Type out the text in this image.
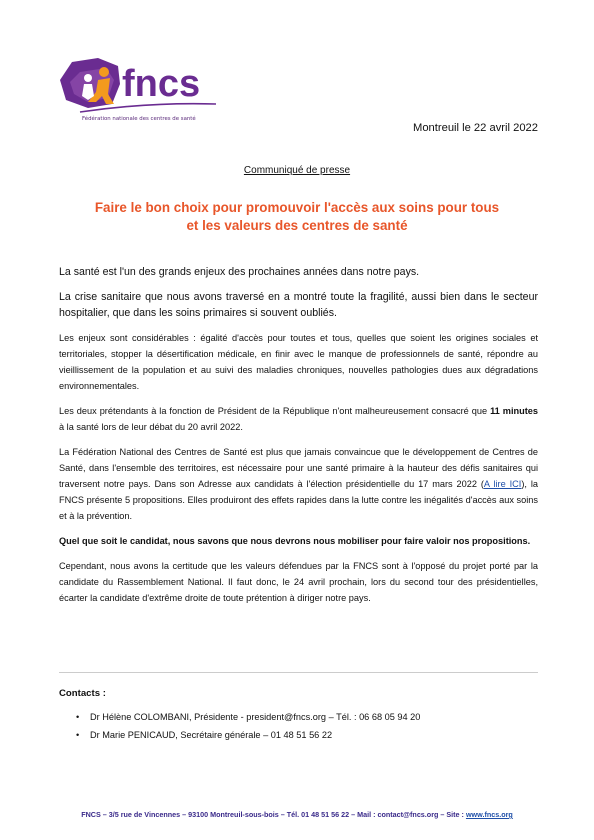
fncs
Fédération nationale des centres de santé
Montreuil le 22 avril 2022
Communiqué de presse
Faire le bon choix pour promouvoir l'accès aux soins pour tous
et les valeurs des centres de santé

La santé est l'un des grands enjeux des prochaines années dans notre pays.

La crise sanitaire que nous avons traversé en a montré toute la fragilité, aussi bien dans le secteur hospitalier, que dans les soins primaires si souvent oubliés.

Les enjeux sont considérables : égalité d'accès pour toutes et tous, quelles que soient les origines sociales et territoriales, stopper la désertification médicale, en finir avec le manque de professionnels de santé, répondre au vieillissement de la population et au suivi des maladies chroniques, nouvelles pathologies dues aux dégradations environnementales.

Les deux prétendants à la fonction de Président de la République n'ont malheureusement consacré que 11 minutes à la santé lors de leur débat du 20 avril 2022.

La Fédération National des Centres de Santé est plus que jamais convaincue que le développement de Centres de Santé, dans l'ensemble des territoires, est nécessaire pour une santé primaire à la hauteur des défis sanitaires qui traversent notre pays. Dans son Adresse aux candidats à l'élection présidentielle du 17 mars 2022 (A lire ICI), la FNCS présente 5 propositions. Elles produiront des effets rapides dans la lutte contre les inégalités d'accès aux soins et à la prévention.

Quel que soit le candidat, nous savons que nous devrons nous mobiliser pour faire valoir nos propositions.

Cependant, nous avons la certitude que les valeurs défendues par la FNCS sont à l'opposé du projet porté par la candidate du Rassemblement National. Il faut donc, le 24 avril prochain, lors du second tour des présidentielles, écarter la candidate d'extrême droite de toute prétention à diriger notre pays.

Contacts :
• Dr Hélène COLOMBANI, Présidente - president@fncs.org – Tél. : 06 68 05 94 20
• Dr Marie PENICAUD, Secrétaire générale – 01 48 51 56 22
FNCS – 3/5 rue de Vincennes – 93100 Montreuil-sous-bois – Tél. 01 48 51 56 22 – Mail : contact@fncs.org – Site : www.fncs.org
